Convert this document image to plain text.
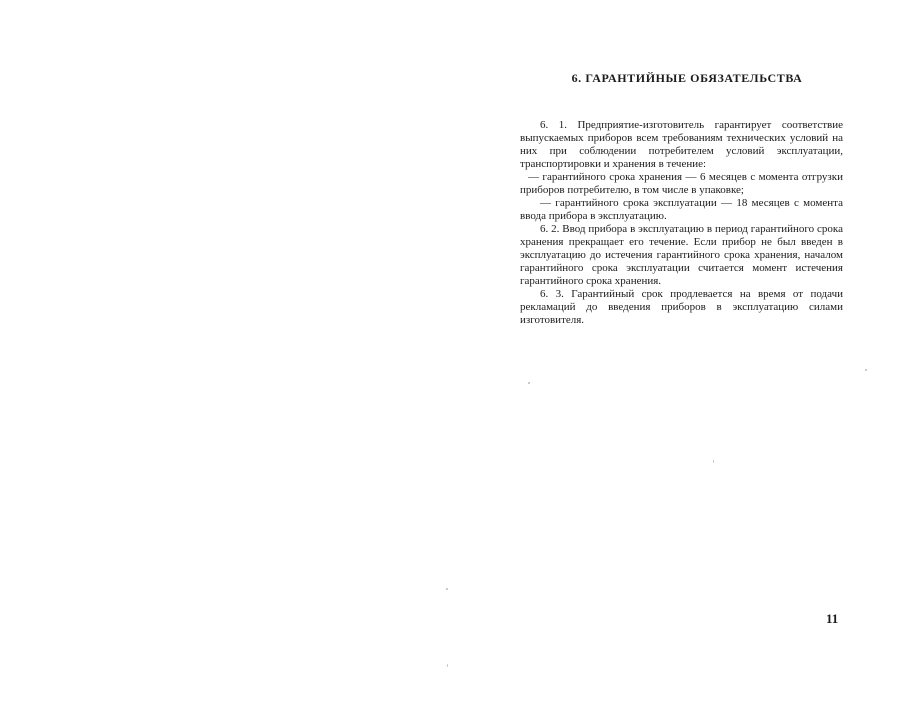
6. ГАРАНТИЙНЫЕ ОБЯЗАТЕЛЬСТВА

6. 1. Предприятие-изготовитель гарантирует соответствие выпускаемых приборов всем требованиям технических условий на них при соблюдении потребителем условий эксплуатации, транспортировки и хранения в течение:

— гарантийного срока хранения — 6 месяцев с момента отгрузки приборов потребителю, в том числе в упаковке;

— гарантийного срока эксплуатации — 18 месяцев с момента ввода прибора в эксплуатацию.

6. 2. Ввод прибора в эксплуатацию в период гарантийного срока хранения прекращает его течение. Если прибор не был введен в эксплуатацию до истечения гарантийного срока хранения, началом гарантийного срока эксплуатации считается момент истечения гарантийного срока хранения.

6. 3. Гарантийный срок продлевается на время от подачи рекламаций до введения приборов в эксплуатацию силами изготовителя.

11
